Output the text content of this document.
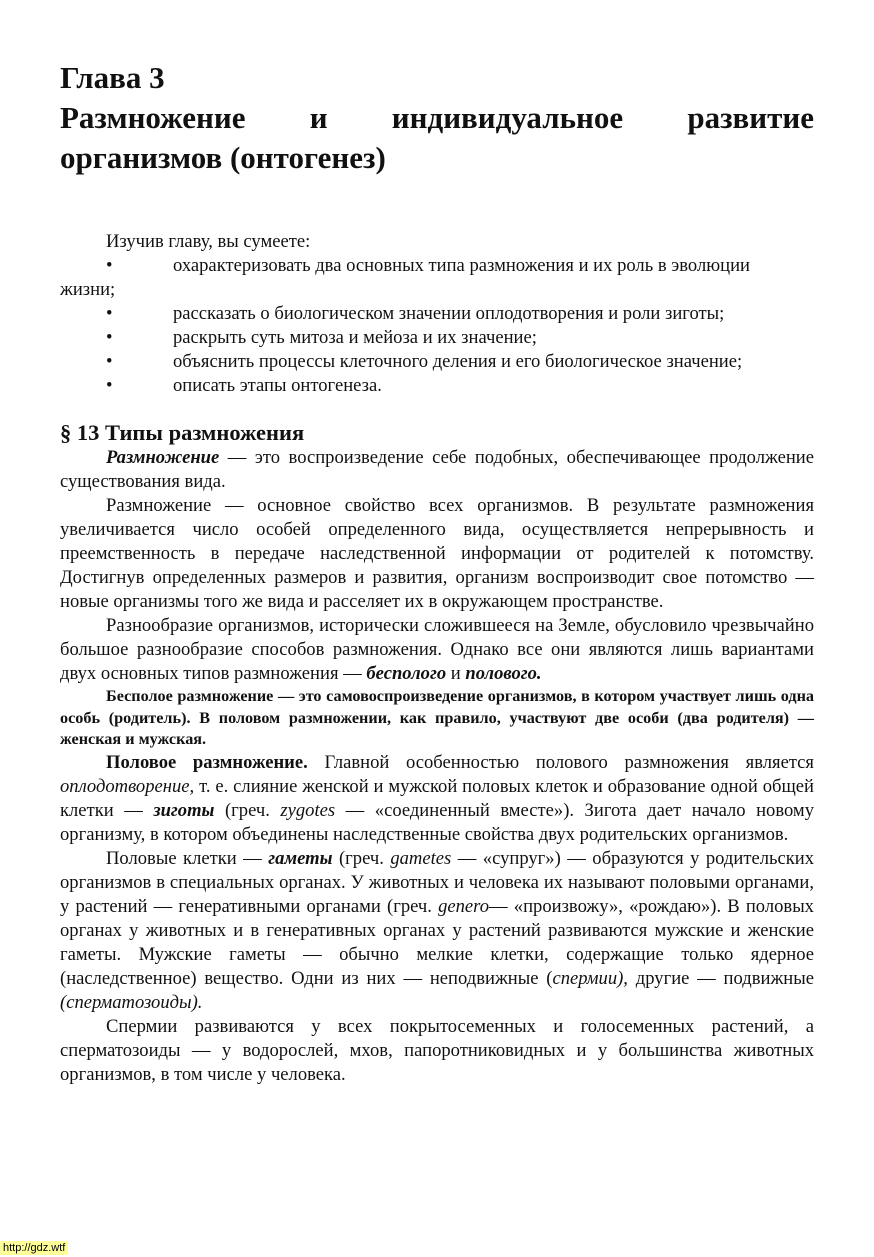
Глава 3

Размножение и индивидуальное развитие
организмов (онтогенез)
Изучив главу, вы сумеете:
•	охарактеризовать два основных типа размножения и их роль в эволюции
жизни;
•	рассказать о биологическом значении оплодотворения и роли зиготы;
•	раскрыть суть митоза и мейоза и их значение;
•	объяснить процессы клеточного деления и его биологическое значение;
•	описать этапы онтогенеза.
§ 13 Типы размножения

Размножение — это воспроизведение себе подобных, обеспечивающее продолжение существования вида.

Размножение — основное свойство всех организмов. В результате размножения увеличивается число особей определенного вида, осуществляется непрерывность и преемственность в передаче наследственной информации от родителей к потомству. Достигнув определенных размеров и развития, организм воспроизводит свое потомство — новые организмы того же вида и расселяет их в окружающем пространстве.

Разнообразие организмов, исторически сложившееся на Земле, обусловило чрезвычайно большое разнообразие способов размножения. Однако все они являются лишь вариантами двух основных типов размножения — бесполого и полового.

Бесполое размножение — это самовоспроизведение организмов, в котором участвует лишь одна особь (родитель). В половом размножении, как правило, участвуют две особи (два родителя) — женская и мужская.

Половое размножение. Главной особенностью полового размножения является оплодотворение, т. е. слияние женской и мужской половых клеток и образование одной общей клетки — зиготы (греч. zygotes — «соединенный вместе»). Зигота дает начало новому организму, в котором объединены наследственные свойства двух родительских организмов.

Половые клетки — гаметы (греч. gametes — «супруг») — образуются у родительских организмов в специальных органах. У животных и человека их называют половыми органами, у растений — генеративными органами (греч. genero— «произвожу», «рождаю»). В половых органах у животных и в генеративных органах у растений развиваются мужские и женские гаметы. Мужские гаметы — обычно мелкие клетки, содержащие только ядерное (наследственное) вещество. Одни из них — неподвижные (спермии), другие — подвижные (сперматозоиды).

Спермии развиваются у всех покрытосеменных и голосеменных растений, а сперматозоиды — у водорослей, мхов, папоротниковидных и у большинства животных организмов, в том числе у человека.

http://gdz.wtf
